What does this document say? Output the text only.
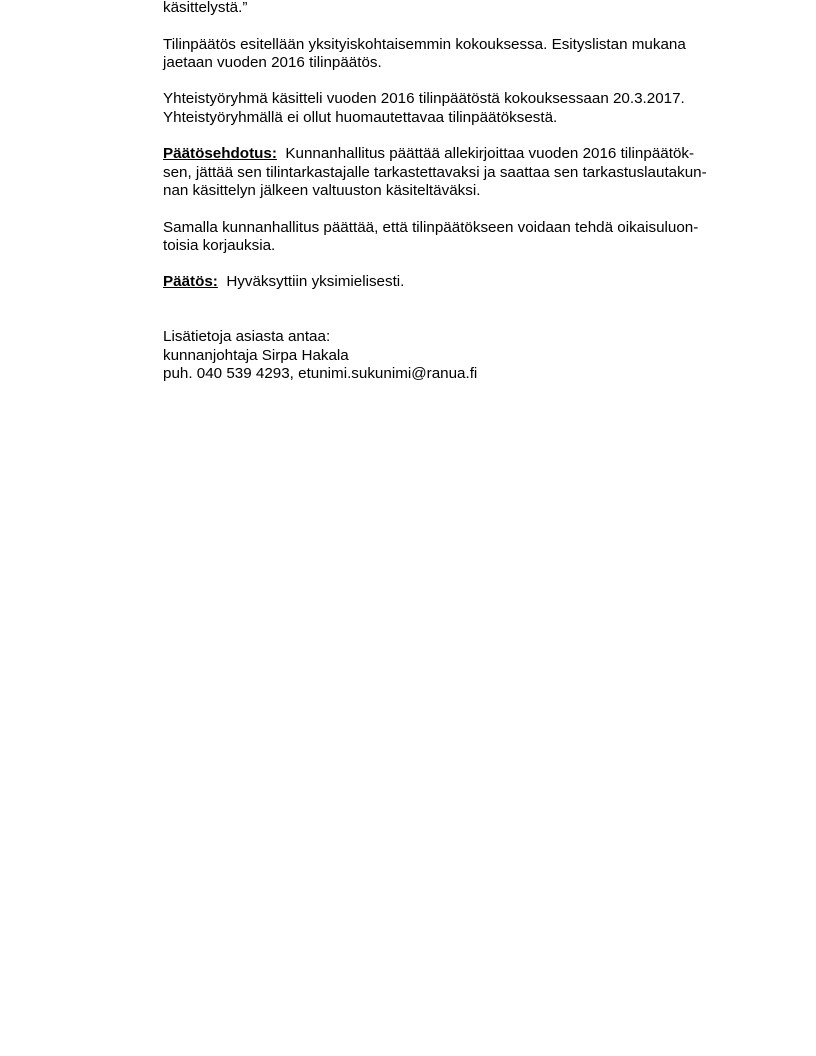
käsittelystä.”

Tilinpäätös esitellään yksityiskohtaisemmin kokouksessa. Esityslistan mukana
jaetaan vuoden 2016 tilinpäätös.

Yhteistyöryhmä käsitteli vuoden 2016 tilinpäätöstä kokouksessaan 20.3.2017.
Yhteistyöryhmällä ei ollut huomautettavaa tilinpäätöksestä.

Päätösehdotus: Kunnanhallitus päättää allekirjoittaa vuoden 2016 tilinpäätök-
sen, jättää sen tilintarkastajalle tarkastettavaksi ja saattaa sen tarkastuslautakun-
nan käsittelyn jälkeen valtuuston käsiteltäväksi.

Samalla kunnanhallitus päättää, että tilinpäätökseen voidaan tehdä oikaisuluon-
toisia korjauksia.

Päätös: Hyväksyttiin yksimielisesti.

Lisätietoja asiasta antaa:
kunnanjohtaja Sirpa Hakala
puh. 040 539 4293, etunimi.sukunimi@ranua.fi
